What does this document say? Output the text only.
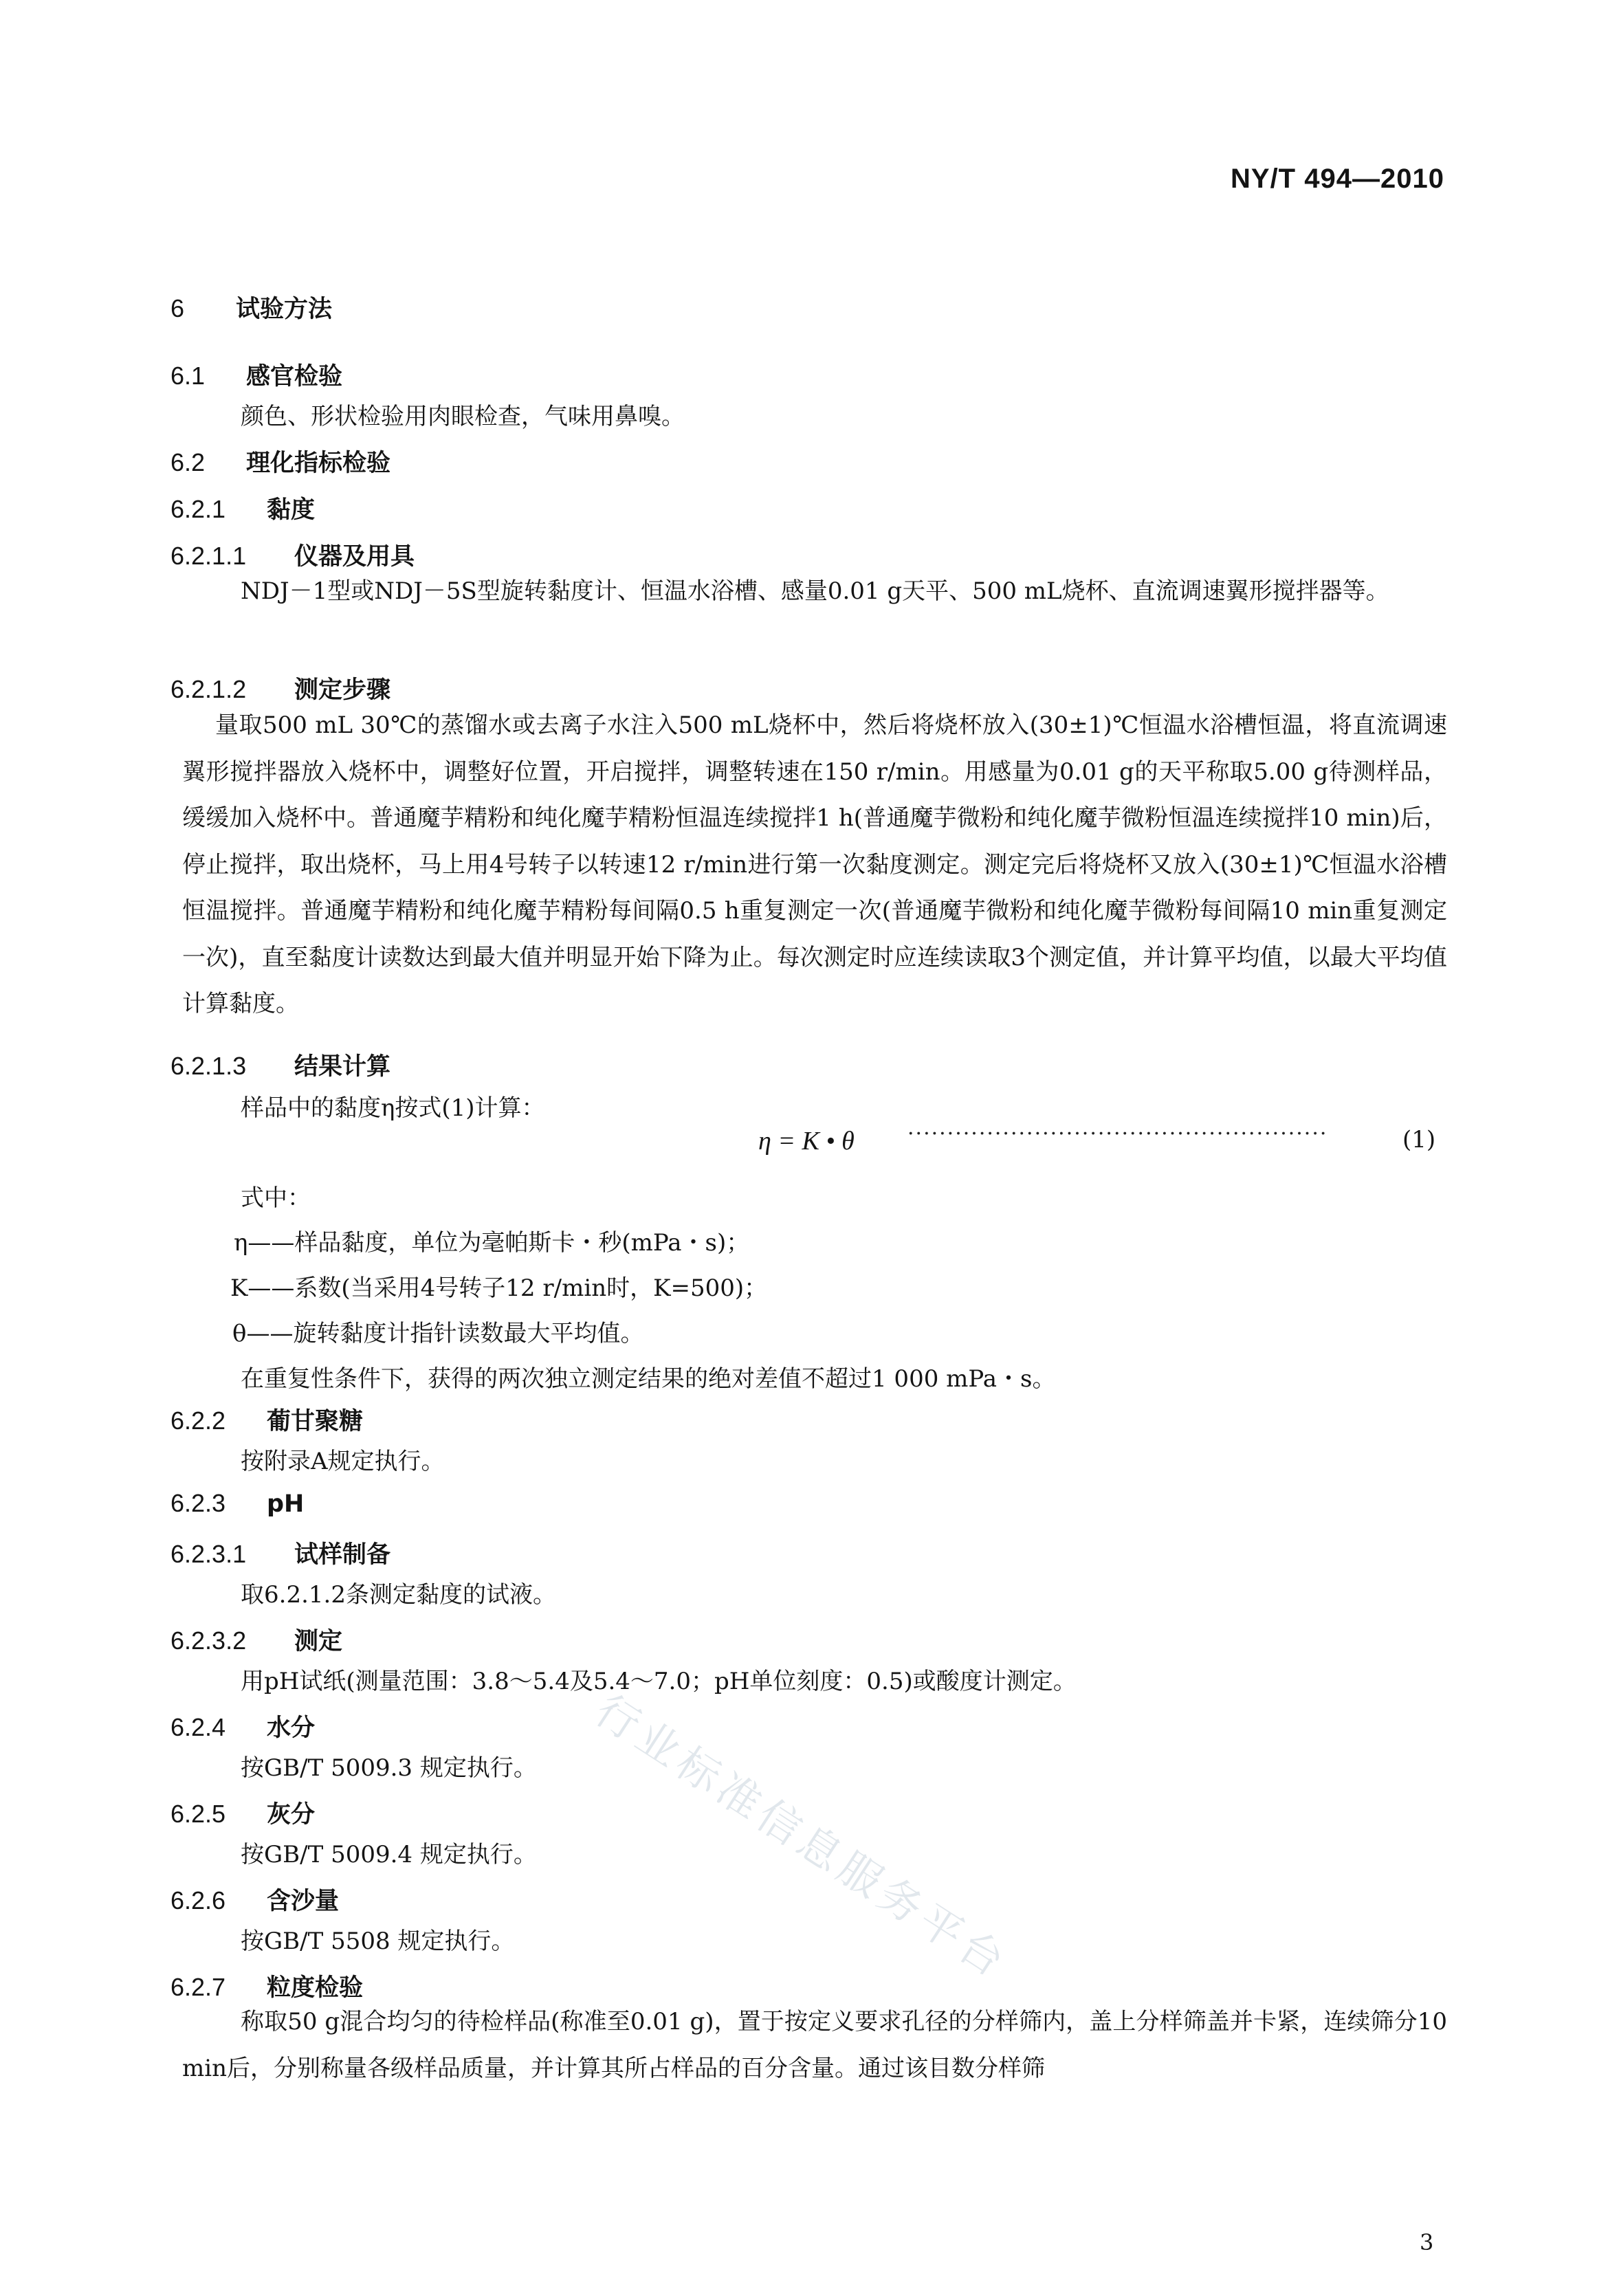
NY/T 494—2010
6 试验方法
6.1 感官检验
颜色、形状检验用肉眼检查，气味用鼻嗅。
6.2 理化指标检验
6.2.1 黏度
6.2.1.1 仪器及用具
NDJ－1型或NDJ－5S型旋转黏度计、恒温水浴槽、感量0.01 g天平、500 mL烧杯、直流调速翼形搅拌器等。
6.2.1.2 测定步骤
量取500 mL 30℃的蒸馏水或去离子水注入500 mL烧杯中，然后将烧杯放入(30±1)℃恒温水浴槽恒温，将直流调速翼形搅拌器放入烧杯中，调整好位置，开启搅拌，调整转速在150 r/min。用感量为0.01 g的天平称取5.00 g待测样品，缓缓加入烧杯中。普通魔芋精粉和纯化魔芋精粉恒温连续搅拌1 h(普通魔芋微粉和纯化魔芋微粉恒温连续搅拌10 min)后，停止搅拌，取出烧杯，马上用4号转子以转速12 r/min进行第一次黏度测定。测定完后将烧杯又放入(30±1)℃恒温水浴槽恒温搅拌。普通魔芋精粉和纯化魔芋精粉每间隔0.5 h重复测定一次(普通魔芋微粉和纯化魔芋微粉每间隔10 min重复测定一次)，直至黏度计读数达到最大值并明显开始下降为止。每次测定时应连续读取3个测定值，并计算平均值，以最大平均值计算黏度。
6.2.1.3 结果计算
样品中的黏度η按式(1)计算：
η = K • θ	·····················································	(1)
式中：
η——样品黏度，单位为毫帕斯卡・秒(mPa・s)；
K——系数(当采用4号转子12 r/min时，K=500)；
θ——旋转黏度计指针读数最大平均值。
在重复性条件下，获得的两次独立测定结果的绝对差值不超过1 000 mPa・s。
6.2.2 葡甘聚糖
按附录A规定执行。
6.2.3 pH
6.2.3.1 试样制备
取6.2.1.2条测定黏度的试液。
6.2.3.2 测定
用pH试纸(测量范围：3.8～5.4及5.4～7.0；pH单位刻度：0.5)或酸度计测定。
6.2.4 水分
按GB/T 5009.3 规定执行。
6.2.5 灰分
按GB/T 5009.4 规定执行。
6.2.6 含沙量
按GB/T 5508 规定执行。
6.2.7 粒度检验
称取50 g混合均匀的待检样品(称准至0.01 g)，置于按定义要求孔径的分样筛内，盖上分样筛盖并卡紧，连续筛分10 min后，分别称量各级样品质量，并计算其所占样品的百分含量。通过该目数分样筛
行业标准信息服务平台
3
